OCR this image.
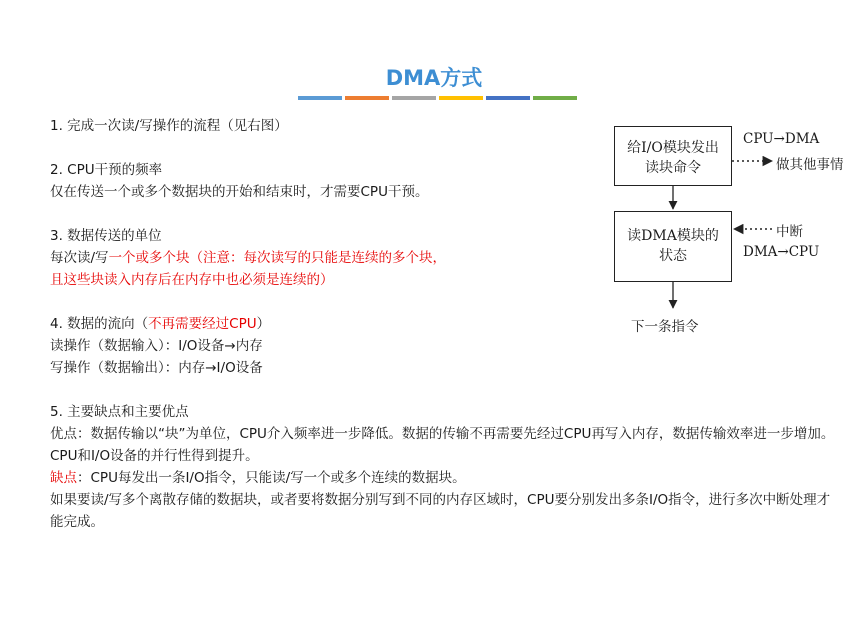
DMA方式

1. 完成一次读/写操作的流程（见右图）

2. CPU干预的频率

仅在传送一个或多个数据块的开始和结束时，才需要CPU干预。

3. 数据传送的单位

每次读/写一个或多个块（注意：每次读写的只能是连续的多个块，

且这些块读入内存后在内存中也必须是连续的）

4. 数据的流向（不再需要经过CPU）

读操作（数据输入）：I/O设备→内存

写操作（数据输出）：内存→I/O设备

5. 主要缺点和主要优点

优点：数据传输以“块”为单位，CPU介入频率进一步降低。数据的传输不再需要先经过CPU再写入内存，数据传输效率进一步增加。CPU和I/O设备的并行性得到提升。

缺点：CPU每发出一条I/O指令，只能读/写一个或多个连续的数据块。

如果要读/写多个离散存储的数据块，或者要将数据分别写到不同的内存区域时，CPU要分别发出多条I/O指令，进行多次中断处理才能完成。

给I/O模块发出
读块命令
读DMA模块的
状态
CPU→DMA
做其他事情
中断
DMA→CPU
下一条指令
